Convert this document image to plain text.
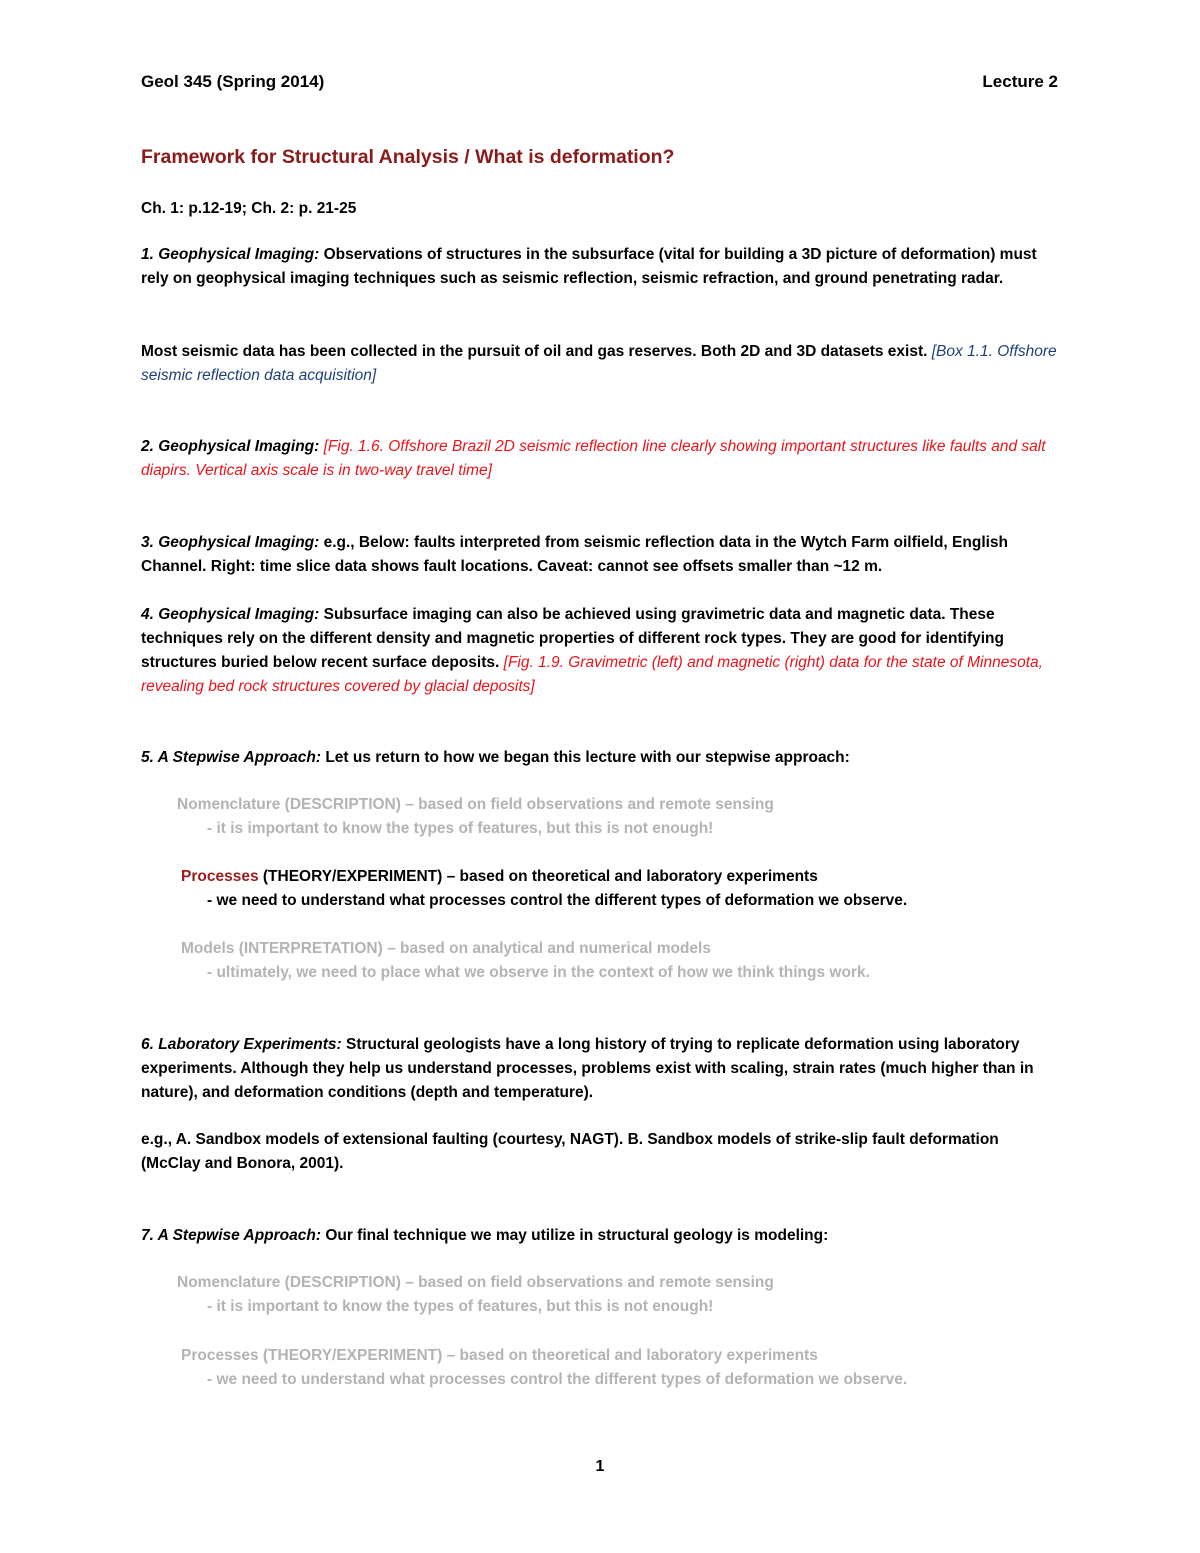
Geol 345 (Spring 2014)	Lecture 2
Framework for Structural Analysis / What is deformation?
Ch. 1: p.12-19; Ch. 2: p. 21-25
1. Geophysical Imaging: Observations of structures in the subsurface (vital for building a 3D picture of deformation) must rely on geophysical imaging techniques such as seismic reflection, seismic refraction, and ground penetrating radar.
Most seismic data has been collected in the pursuit of oil and gas reserves. Both 2D and 3D datasets exist. [Box 1.1. Offshore seismic reflection data acquisition]
2. Geophysical Imaging: [Fig. 1.6. Offshore Brazil 2D seismic reflection line clearly showing important structures like faults and salt diapirs. Vertical axis scale is in two-way travel time]
3. Geophysical Imaging: e.g., Below: faults interpreted from seismic reflection data in the Wytch Farm oilfield, English Channel. Right: time slice data shows fault locations. Caveat: cannot see offsets smaller than ~12 m.
4. Geophysical Imaging: Subsurface imaging can also be achieved using gravimetric data and magnetic data. These techniques rely on the different density and magnetic properties of different rock types. They are good for identifying structures buried below recent surface deposits. [Fig. 1.9. Gravimetric (left) and magnetic (right) data for the state of Minnesota, revealing bed rock structures covered by glacial deposits]
5. A Stepwise Approach: Let us return to how we began this lecture with our stepwise approach:
Nomenclature (DESCRIPTION) – based on field observations and remote sensing
- it is important to know the types of features, but this is not enough!
Processes (THEORY/EXPERIMENT) – based on theoretical and laboratory experiments
- we need to understand what processes control the different types of deformation we observe.
Models (INTERPRETATION) – based on analytical and numerical models
- ultimately, we need to place what we observe in the context of how we think things work.
6. Laboratory Experiments: Structural geologists have a long history of trying to replicate deformation using laboratory experiments. Although they help us understand processes, problems exist with scaling, strain rates (much higher than in nature), and deformation conditions (depth and temperature).
e.g., A. Sandbox models of extensional faulting (courtesy, NAGT). B. Sandbox models of strike-slip fault deformation (McClay and Bonora, 2001).
7. A Stepwise Approach: Our final technique we may utilize in structural geology is modeling:
Nomenclature (DESCRIPTION) – based on field observations and remote sensing
- it is important to know the types of features, but this is not enough!
Processes (THEORY/EXPERIMENT) – based on theoretical and laboratory experiments
- we need to understand what processes control the different types of deformation we observe.
1
